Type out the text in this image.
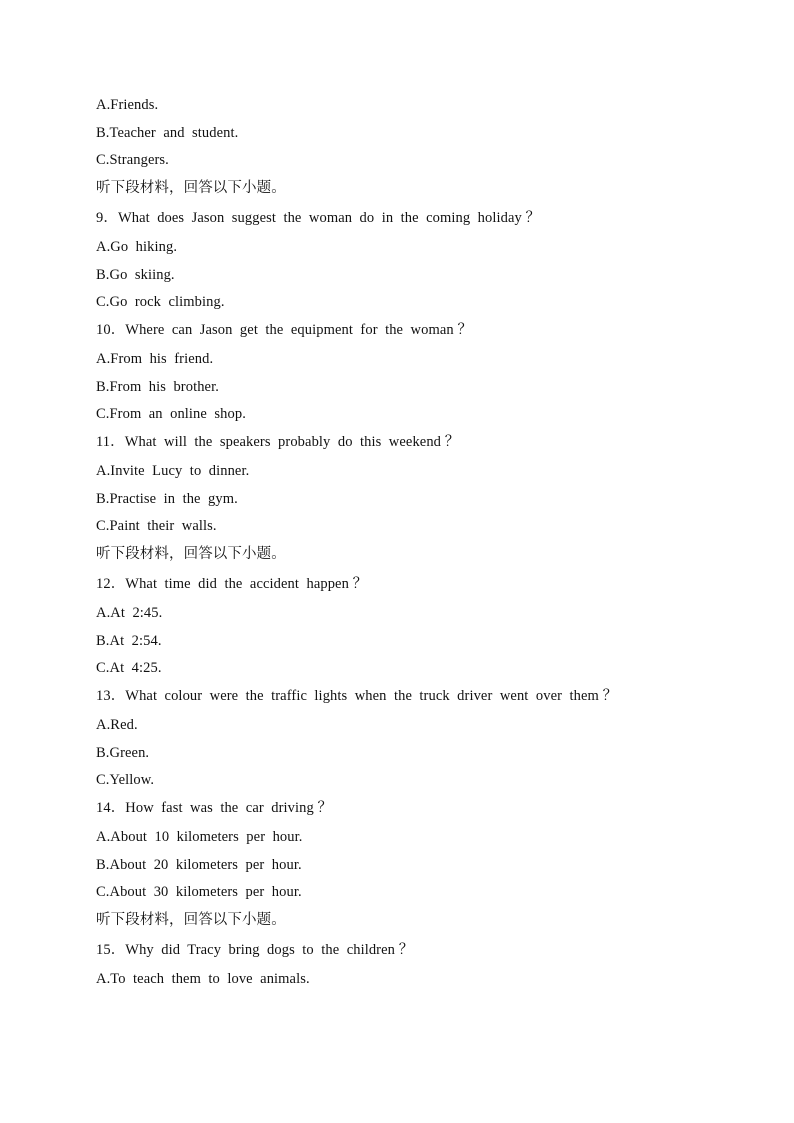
A.Friends.
B.Teacher  and  student.
C.Strangers.
听下段材料，回答以下小题。
9．What  does  Jason  suggest  the  woman  do  in  the  coming  holiday ？
A.Go  hiking.
B.Go  skiing.
C.Go  rock  climbing.
10．Where  can  Jason  get  the  equipment  for  the  woman ？
A.From  his  friend.
B.From  his  brother.
C.From  an  online  shop.
11．What  will  the  speakers  probably  do  this  weekend ？
A.Invite  Lucy  to  dinner.
B.Practise  in  the  gym.
C.Paint  their  walls.
听下段材料，回答以下小题。
12．What  time  did  the  accident  happen ？
A.At  2:45.
B.At  2:54.
C.At  4:25.
13．What  colour  were  the  traffic  lights  when  the  truck  driver  went  over  them ？
A.Red.
B.Green.
C.Yellow.
14．How  fast  was  the  car  driving ？
A.About  10  kilometers  per  hour.
B.About  20  kilometers  per  hour.
C.About  30  kilometers  per  hour.
听下段材料，回答以下小题。
15．Why  did  Tracy  bring  dogs  to  the  children ？
A.To  teach  them  to  love  animals.
